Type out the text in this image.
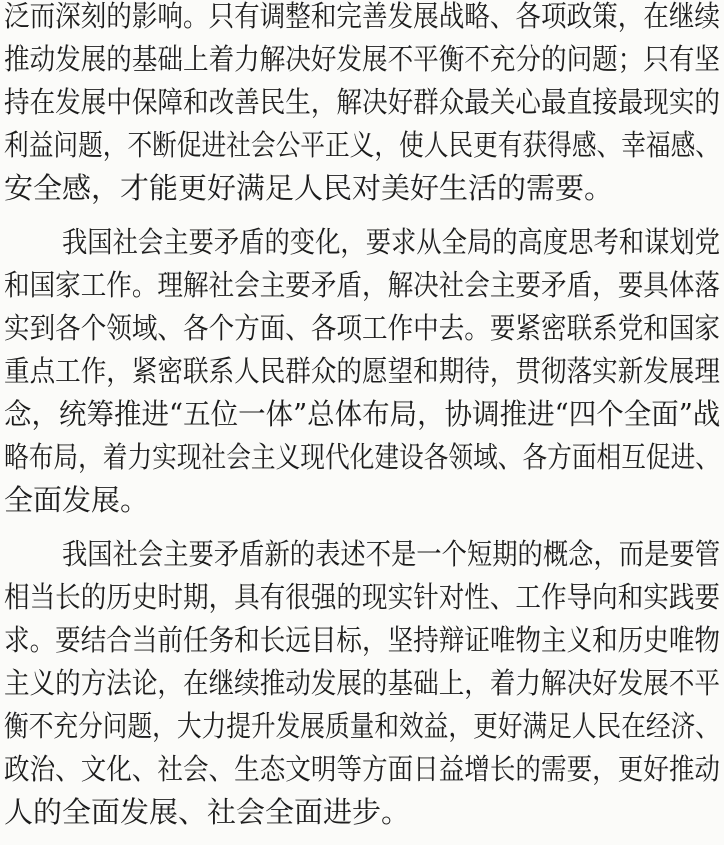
泛而深刻的影响。只有调整和完善发展战略、各项政策，在继续
推动发展的基础上着力解决好发展不平衡不充分的问题；只有坚
持在发展中保障和改善民生，解决好群众最关心最直接最现实的
利益问题，不断促进社会公平正义，使人民更有获得感、幸福感、
安全感，才能更好满足人民对美好生活的需要。
我国社会主要矛盾的变化，要求从全局的高度思考和谋划党
和国家工作。理解社会主要矛盾，解决社会主要矛盾，要具体落
实到各个领域、各个方面、各项工作中去。要紧密联系党和国家
重点工作，紧密联系人民群众的愿望和期待，贯彻落实新发展理
念，统筹推进“五位一体”总体布局，协调推进“四个全面”战
略布局，着力实现社会主义现代化建设各领域、各方面相互促进、
全面发展。
我国社会主要矛盾新的表述不是一个短期的概念，而是要管
相当长的历史时期，具有很强的现实针对性、工作导向和实践要
求。要结合当前任务和长远目标，坚持辩证唯物主义和历史唯物
主义的方法论，在继续推动发展的基础上，着力解决好发展不平
衡不充分问题，大力提升发展质量和效益，更好满足人民在经济、
政治、文化、社会、生态文明等方面日益增长的需要，更好推动
人的全面发展、社会全面进步。
